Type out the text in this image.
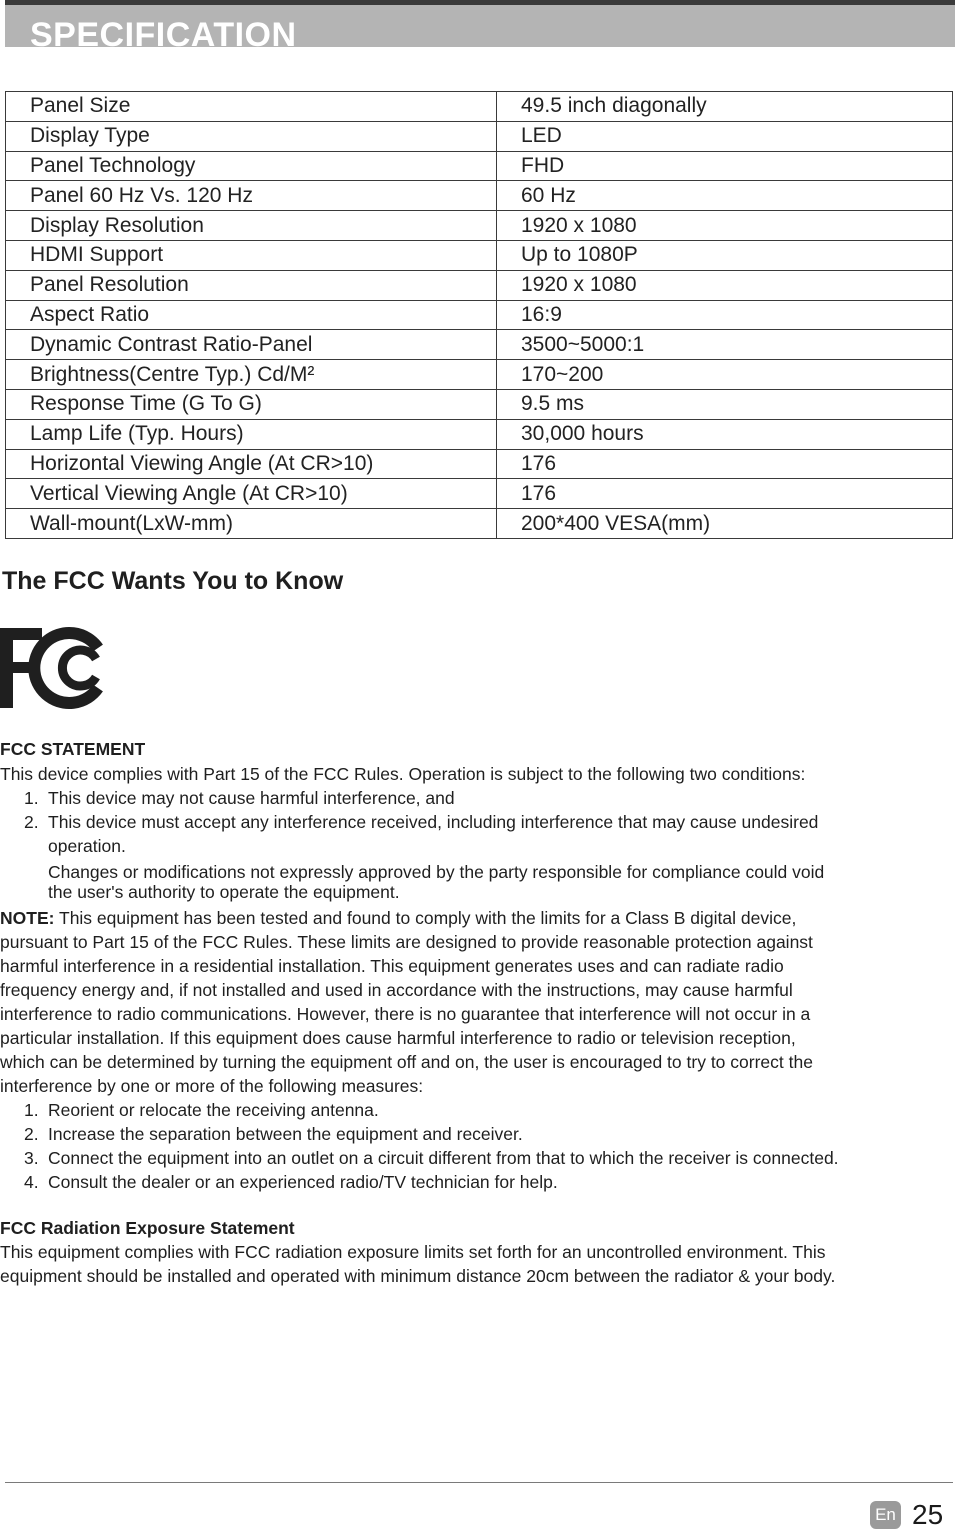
SPECIFICATION
Panel Size	49.5 inch diagonally
Display Type	LED
Panel Technology	FHD
Panel 60 Hz Vs. 120 Hz	60 Hz
Display Resolution	1920 x 1080
HDMI Support	Up to 1080P
Panel Resolution	1920 x 1080
Aspect Ratio	16:9
Dynamic Contrast Ratio-Panel	3500~5000:1
Brightness(Centre Typ.) Cd/M²	170~200
Response Time (G To G)	9.5 ms
Lamp Life (Typ. Hours)	30,000 hours
Horizontal Viewing Angle (At CR>10)	176
Vertical Viewing Angle (At CR>10)	176
Wall-mount(LxW-mm)	200*400 VESA(mm)
The FCC Wants You to Know
FCC STATEMENT
This device complies with Part 15 of the FCC Rules. Operation is subject to the following two conditions:
1. This device may not cause harmful interference, and
2. This device must accept any interference received, including interference that may cause undesired
operation.
Changes or modifications not expressly approved by the party responsible for compliance could void
the user's authority to operate the equipment.
NOTE: This equipment has been tested and found to comply with the limits for a Class B digital device,
pursuant to Part 15 of the FCC Rules. These limits are designed to provide reasonable protection against
harmful interference in a residential installation. This equipment generates uses and can radiate radio
frequency energy and, if not installed and used in accordance with the instructions, may cause harmful
interference to radio communications. However, there is no guarantee that interference will not occur in a
particular installation. If this equipment does cause harmful interference to radio or television reception,
which can be determined by turning the equipment off and on, the user is encouraged to try to correct the
interference by one or more of the following measures:
1. Reorient or relocate the receiving antenna.
2. Increase the separation between the equipment and receiver.
3. Connect the equipment into an outlet on a circuit different from that to which the receiver is connected.
4. Consult the dealer or an experienced radio/TV technician for help.
FCC Radiation Exposure Statement
This equipment complies with FCC radiation exposure limits set forth for an uncontrolled environment. This
equipment should be installed and operated with minimum distance 20cm between the radiator & your body.
En 25
